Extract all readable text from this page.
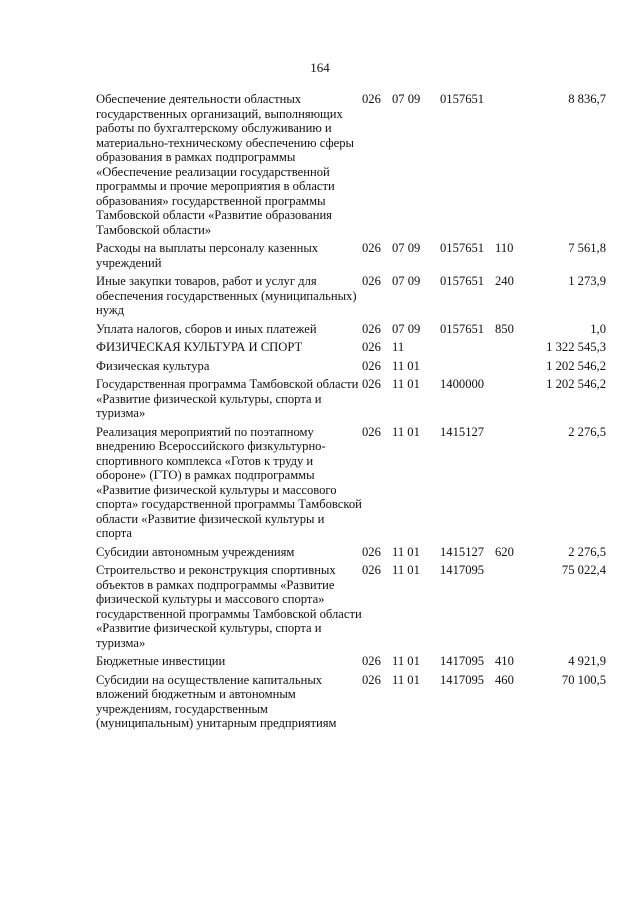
164
Обеспечение деятельности областных государственных организаций, выполняющих работы по бухгалтерскому обслуживанию и материально-техническому обеспечению сферы образования в рамках подпрограммы «Обеспечение реализации государственной программы и прочие мероприятия в области образования» государственной программы Тамбовской области «Развитие образования Тамбовской области»	026	07 09	0157651		8 836,7
Расходы на выплаты персоналу казенных учреждений	026	07 09	0157651	110	7 561,8
Иные закупки товаров, работ и услуг для обеспечения государственных (муниципальных) нужд	026	07 09	0157651	240	1 273,9
Уплата налогов, сборов и иных платежей	026	07 09	0157651	850	1,0
ФИЗИЧЕСКАЯ КУЛЬТУРА И СПОРТ	026	11			1 322 545,3
Физическая культура	026	11 01			1 202 546,2
Государственная программа Тамбовской области «Развитие физической культуры, спорта и туризма»	026	11 01	1400000		1 202 546,2
Реализация мероприятий по поэтапному внедрению Всероссийского физкультурно-спортивного комплекса «Готов к труду и обороне» (ГТО) в рамках подпрограммы «Развитие физической культуры и массового спорта» государственной программы Тамбовской области «Развитие физической культуры и спорта	026	11 01	1415127		2 276,5
Субсидии автономным учреждениям	026	11 01	1415127	620	2 276,5
Строительство и реконструкция спортивных объектов в рамках подпрограммы «Развитие физической культуры и массового спорта» государственной программы Тамбовской области «Развитие физической культуры, спорта и туризма»	026	11 01	1417095		75 022,4
Бюджетные инвестиции	026	11 01	1417095	410	4 921,9
Субсидии на осуществление капитальных вложений бюджетным и автономным учреждениям, государственным (муниципальным) унитарным предприятиям	026	11 01	1417095	460	70 100,5
